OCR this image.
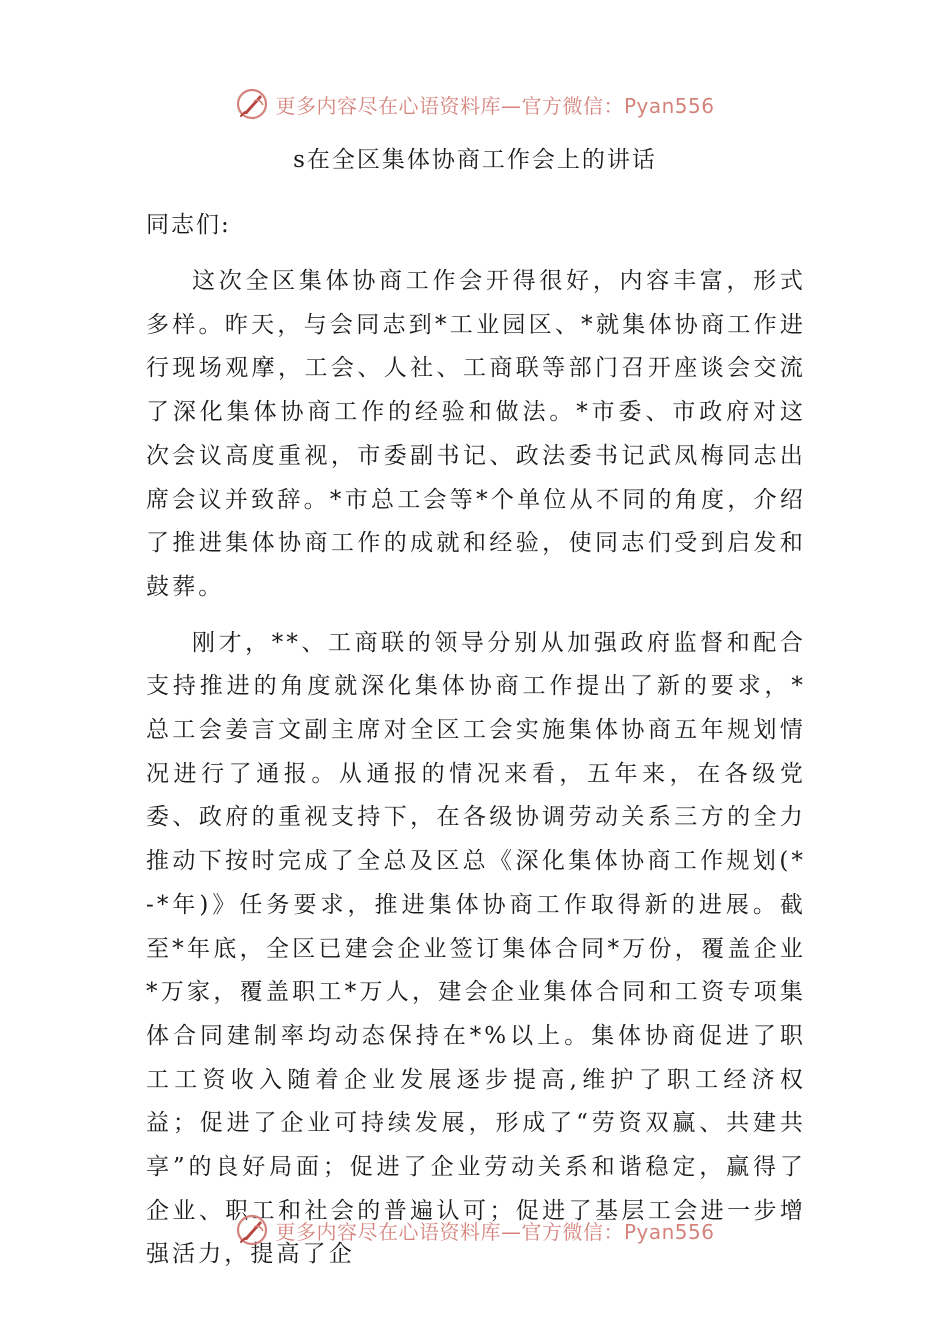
更多内容尽在心语资料库—官方微信：Pyan556
s在全区集体协商工作会上的讲话

同志们:

这次全区集体协商工作会开得很好，内容丰富，形式多样。昨天，与会同志到*工业园区、*就集体协商工作进行现场观摩，工会、人社、工商联等部门召开座谈会交流了深化集体协商工作的经验和做法。*市委、市政府对这次会议高度重视，市委副书记、政法委书记武凤梅同志出席会议并致辞。*市总工会等*个单位从不同的角度，介绍了推进集体协商工作的成就和经验，使同志们受到启发和鼓葬。

刚才，**、工商联的领导分别从加强政府监督和配合支持推进的角度就深化集体协商工作提出了新的要求，*总工会姜言文副主席对全区工会实施集体协商五年规划情况进行了通报。从通报的情况来看，五年来，在各级党委、政府的重视支持下，在各级协调劳动关系三方的全力推动下按时完成了全总及区总《深化集体协商工作规划(*-*年)》任务要求，推进集体协商工作取得新的进展。截至*年底，全区已建会企业签订集体合同*万份，覆盖企业*万家，覆盖职工*万人，建会企业集体合同和工资专项集体合同建制率均动态保持在*%以上。集体协商促进了职工工资收入随着企业发展逐步提高,维护了职工经济权益；促进了企业可持续发展，形成了“劳资双赢、共建共享”的良好局面；促进了企业劳动关系和谐稳定，赢得了企业、职工和社会的普遍认可；促进了基层工会进一步增强活力，提高了企

更多内容尽在心语资料库—官方微信：Pyan556
